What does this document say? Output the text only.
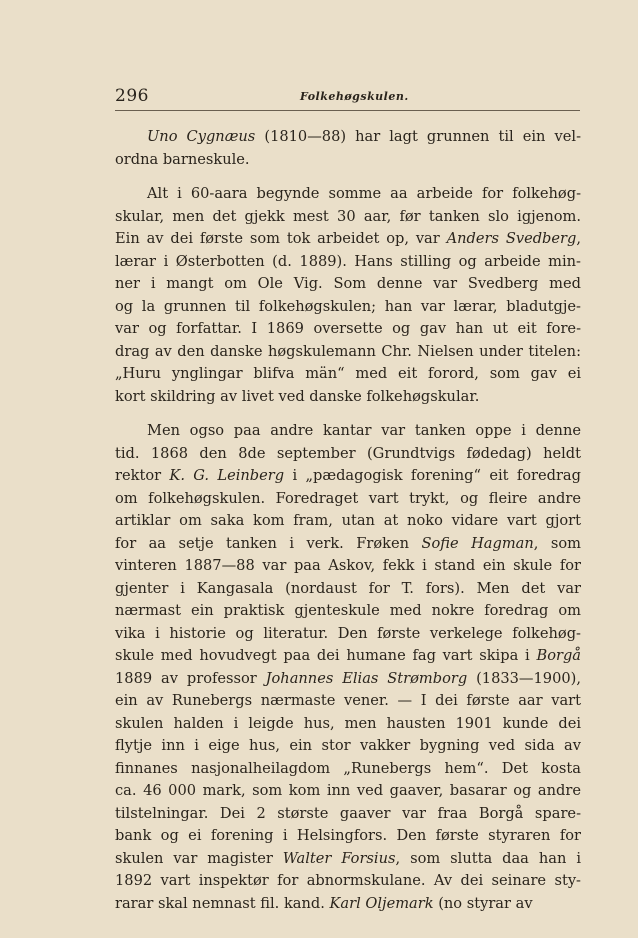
296	Folkehøgskulen.
Uno Cygnæus (1810—88) har lagt grunnen til ein vel-
ordna barneskule.
Alt i 60-aara begynde somme aa arbeide for folkehøg-
skular, men det gjekk mest 30 aar, før tanken slo igjenom.
Ein av dei første som tok arbeidet op, var Anders Svedberg,
lærar i Østerbotten (d. 1889). Hans stilling og arbeide min-
ner i mangt om Ole Vig. Som denne var Svedberg med
og la grunnen til folkehøgskulen; han var lærar, bladutgje-
var og forfattar. I 1869 oversette og gav han ut eit fore-
drag av den danske høgskulemann Chr. Nielsen under titelen:
„Huru ynglingar blifva män“ med eit forord, som gav ei
kort skildring av livet ved danske folkehøgskular.
Men ogso paa andre kantar var tanken oppe i denne
tid. 1868 den 8de september (Grundtvigs fødedag) heldt
rektor K. G. Leinberg i „pædagogisk forening“ eit foredrag
om folkehøgskulen. Foredraget vart trykt, og fleire andre
artiklar om saka kom fram, utan at noko vidare vart gjort
for aa setje tanken i verk. Frøken Sofie Hagman, som
vinteren 1887—88 var paa Askov, fekk i stand ein skule for
gjenter i Kangasala (nordaust for T. fors). Men det var
nærmast ein praktisk gjenteskule med nokre foredrag om
vika i historie og literatur. Den første verkelege folkehøg-
skule med hovudvegt paa dei humane fag vart skipa i Borgå
1889 av professor Johannes Elias Strømborg (1833—1900),
ein av Runebergs nærmaste vener. — I dei første aar vart
skulen halden i leigde hus, men hausten 1901 kunde dei
flytje inn i eige hus, ein stor vakker bygning ved sida av
finnanes nasjonalheilagdom „Runebergs hem“. Det kosta
ca. 46 000 mark, som kom inn ved gaaver, basarar og andre
tilstelningar. Dei 2 største gaaver var fraa Borgå spare-
bank og ei forening i Helsingfors. Den første styraren for
skulen var magister Walter Forsius, som slutta daa han i
1892 vart inspektør for abnormskulane. Av dei seinare sty-
rarar skal nemnast fil. kand. Karl Oljemark (no styrar av
